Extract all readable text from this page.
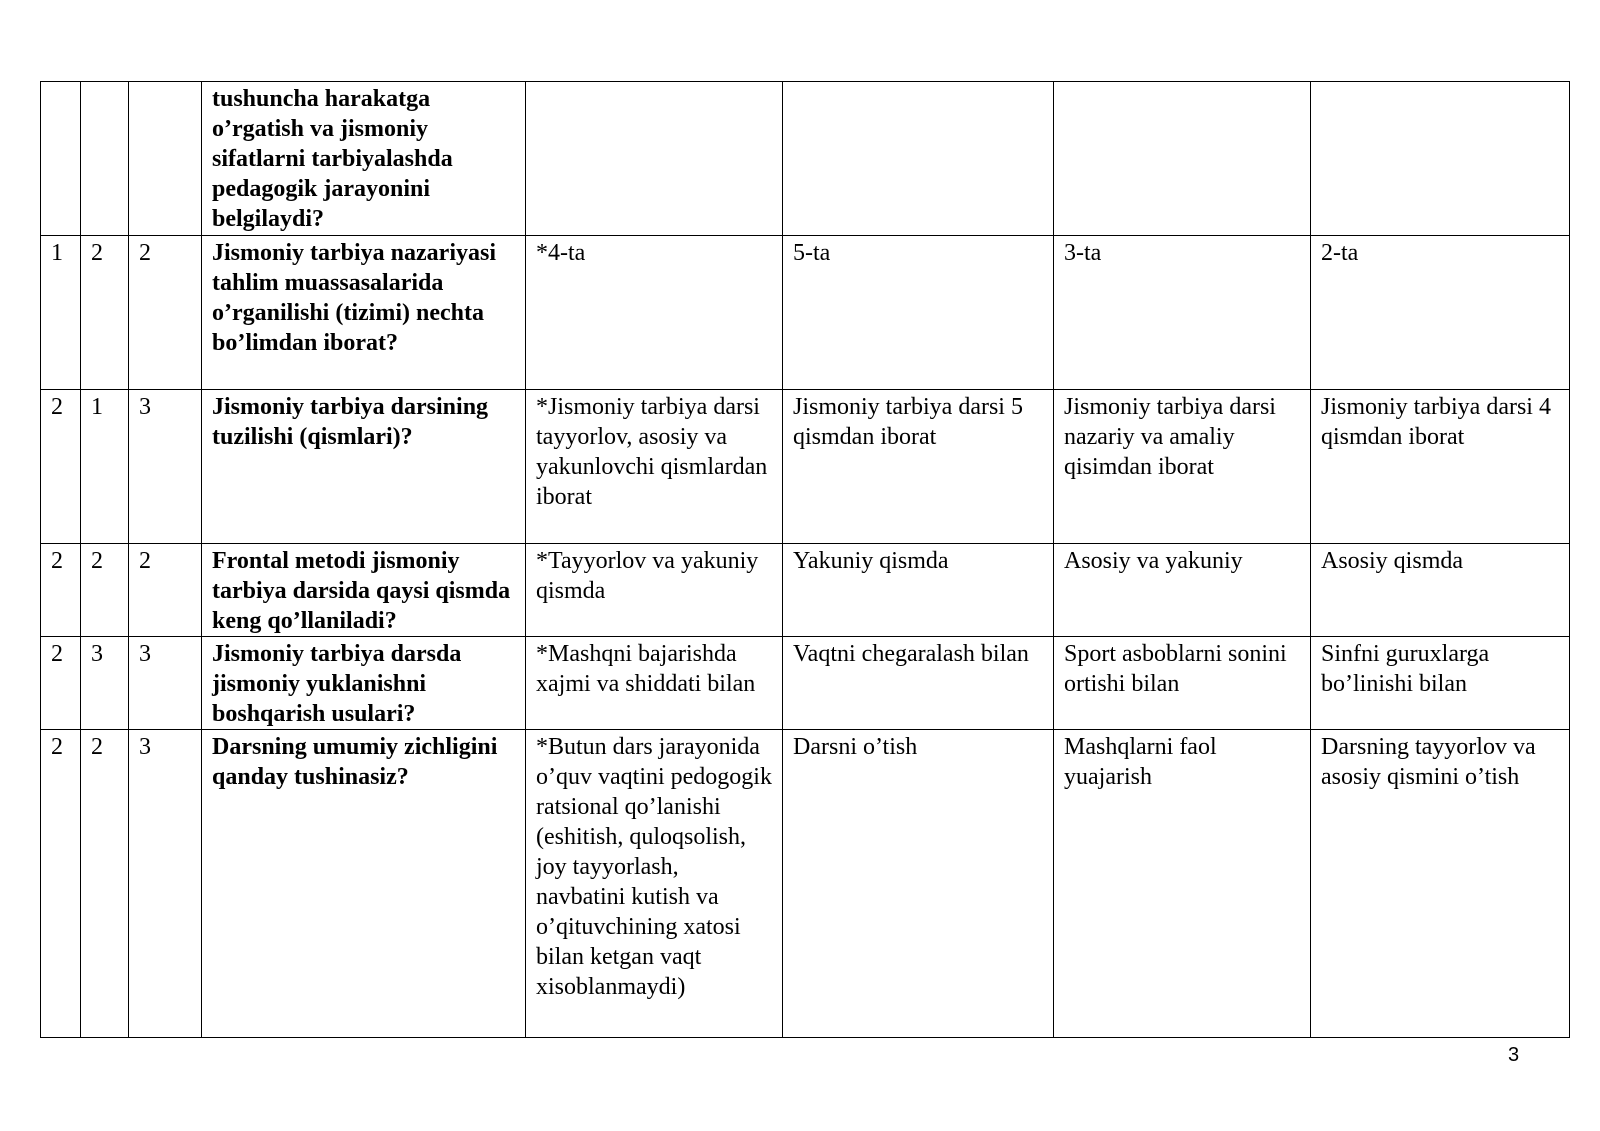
			tushuncha harakatga o’rgatish va jismoniy sifatlarni tarbiyalashda pedagogik jarayonini belgilaydi?				
1	2	2	Jismoniy tarbiya nazariyasi tahlim muassasalarida o’rganilishi (tizimi) nechta bo’limdan iborat?	*4-ta	5-ta	3-ta	2-ta
2	1	3	Jismoniy tarbiya darsining tuzilishi (qismlari)?	*Jismoniy tarbiya darsi tayyorlov, asosiy va yakunlovchi qismlardan iborat	Jismoniy tarbiya darsi 5 qismdan iborat	Jismoniy tarbiya darsi nazariy va amaliy qisimdan iborat	Jismoniy tarbiya darsi 4 qismdan iborat
2	2	2	Frontal metodi jismoniy tarbiya darsida qaysi qismda keng qo’llaniladi?	*Tayyorlov va yakuniy qismda	Yakuniy qismda	Asosiy va yakuniy	Asosiy qismda
2	3	3	Jismoniy tarbiya darsda jismoniy yuklanishni boshqarish usulari?	*Mashqni bajarishda xajmi va shiddati bilan	Vaqtni chegaralash bilan	Sport asboblarni sonini ortishi bilan	Sinfni guruxlarga bo’linishi bilan
2	2	3	Darsning umumiy zichligini qanday tushinasiz?	*Butun dars jarayonida o’quv vaqtini pedogogik ratsional qo’lanishi (eshitish, quloqsolish, joy tayyorlash, navbatini kutish va o’qituvchining xatosi bilan ketgan vaqt xisoblanmaydi)	Darsni o’tish	Mashqlarni faol yuajarish	Darsning tayyorlov va asosiy qismini o’tish
3
